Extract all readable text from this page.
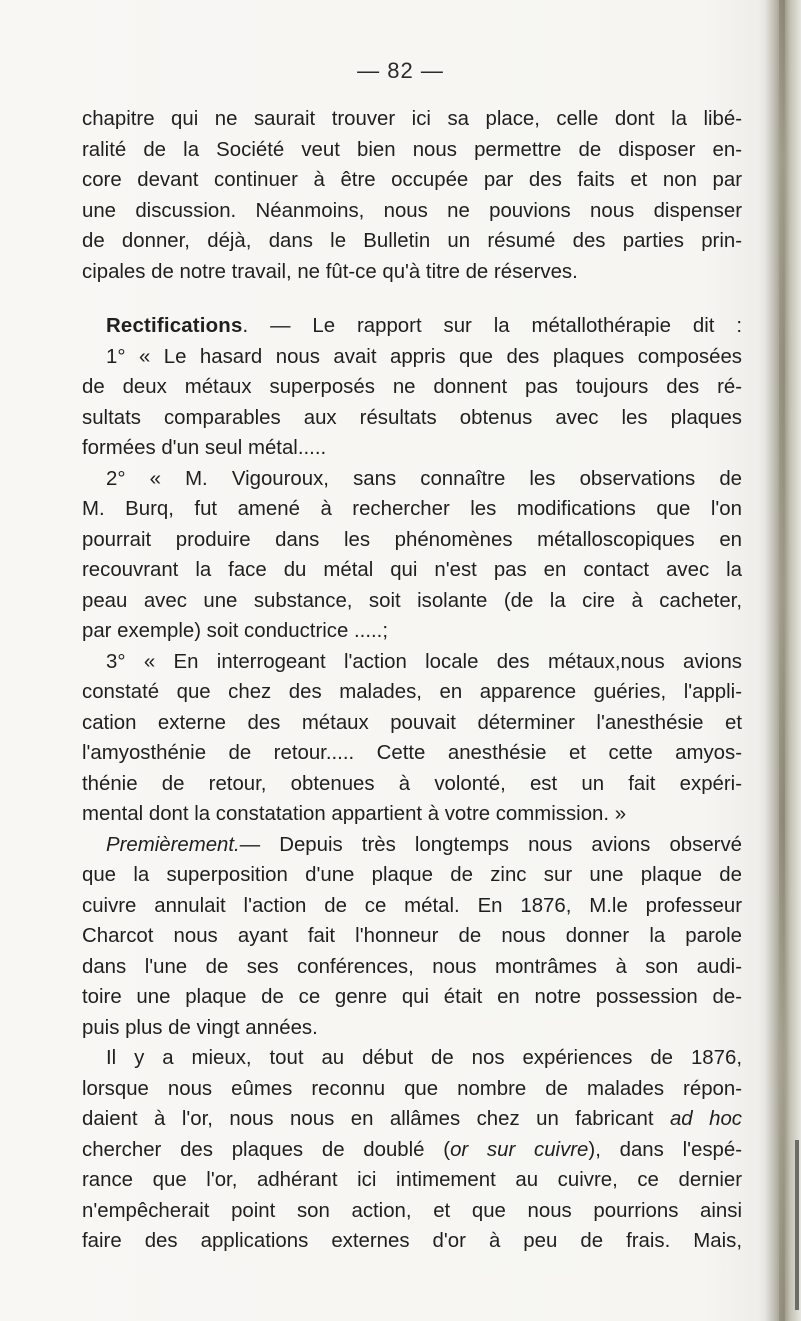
— 82 —
chapitre qui ne saurait trouver ici sa place, celle dont la libé-
ralité de la Société veut bien nous permettre de disposer en-
core devant continuer à être occupée par des faits et non par
une discussion. Néanmoins, nous ne pouvions nous dispenser
de donner, déjà, dans le Bulletin un résumé des parties prin-
cipales de notre travail, ne fût-ce qu'à titre de réserves.
Rectifications. — Le rapport sur la métallothérapie dit :
1° « Le hasard nous avait appris que des plaques composées
de deux métaux superposés ne donnent pas toujours des ré-
sultats comparables aux résultats obtenus avec les plaques
formées d'un seul métal.....
2° « M. Vigouroux, sans connaître les observations de
M. Burq, fut amené à rechercher les modifications que l'on
pourrait produire dans les phénomènes métalloscopiques en
recouvrant la face du métal qui n'est pas en contact avec la
peau avec une substance, soit isolante (de la cire à cacheter,
par exemple) soit conductrice .....;
3° « En interrogeant l'action locale des métaux,nous avions
constaté que chez des malades, en apparence guéries, l'appli-
cation externe des métaux pouvait déterminer l'anesthésie et
l'amyosthénie de retour..... Cette anesthésie et cette amyos-
thénie de retour, obtenues à volonté, est un fait expéri-
mental dont la constatation appartient à votre commission. »
Premièrement.— Depuis très longtemps nous avions observé
que la superposition d'une plaque de zinc sur une plaque de
cuivre annulait l'action de ce métal. En 1876, M.le professeur
Charcot nous ayant fait l'honneur de nous donner la parole
dans l'une de ses conférences, nous montrâmes à son audi-
toire une plaque de ce genre qui était en notre possession de-
puis plus de vingt années.
Il y a mieux, tout au début de nos expériences de 1876,
lorsque nous eûmes reconnu que nombre de malades répon-
daient à l'or, nous nous en allâmes chez un fabricant ad hoc
chercher des plaques de doublé (or sur cuivre), dans l'espé-
rance que l'or, adhérant ici intimement au cuivre, ce dernier
n'empêcherait point son action, et que nous pourrions ainsi
faire des applications externes d'or à peu de frais. Mais,
